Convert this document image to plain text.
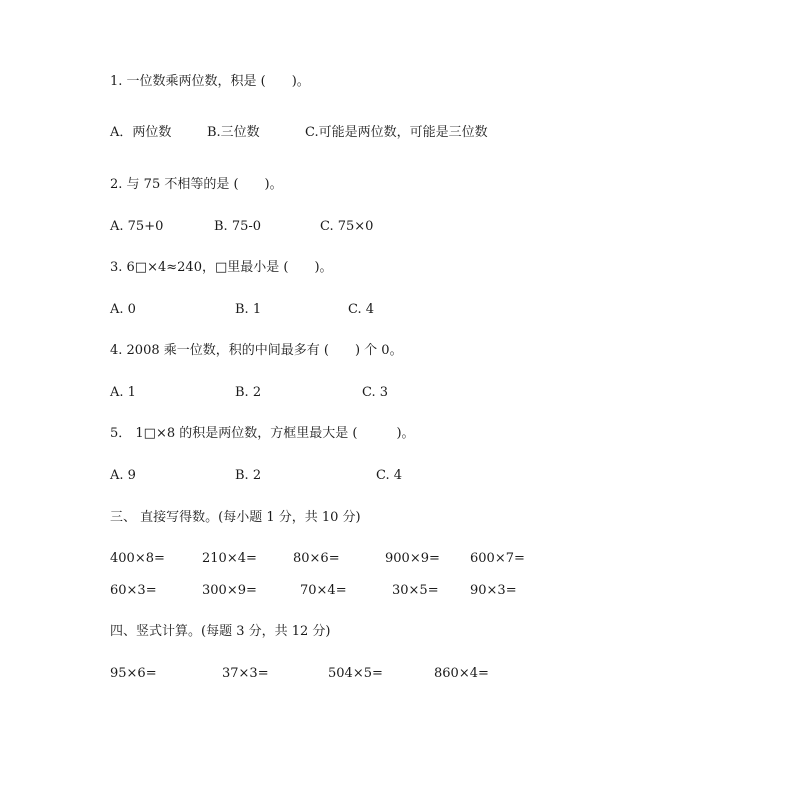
1. 一位数乘两位数，积是 (　　)。
A．两位数	B.三位数	C.可能是两位数，可能是三位数
2. 与 75 不相等的是 (　　)。
A. 75+0	B. 75-0	C. 75×0
3. 6□×4≈240，□里最小是 (　　)。
A. 0	B. 1	C. 4
4. 2008 乘一位数，积的中间最多有 (　　) 个 0。
A. 1	B. 2	C. 3
5． 1□×8 的积是两位数，方框里最大是 (　　　)。
A. 9	B. 2	C. 4
三、 直接写得数。(每小题 1 分，共 10 分)
400×8=	210×4=	80×6=	900×9= 600×7=
60×3=	300×9=	70×4=	30×5= 90×3=
四、竖式计算。(每题 3 分，共 12 分)
95×6=	37×3=	504×5=	860×4=
